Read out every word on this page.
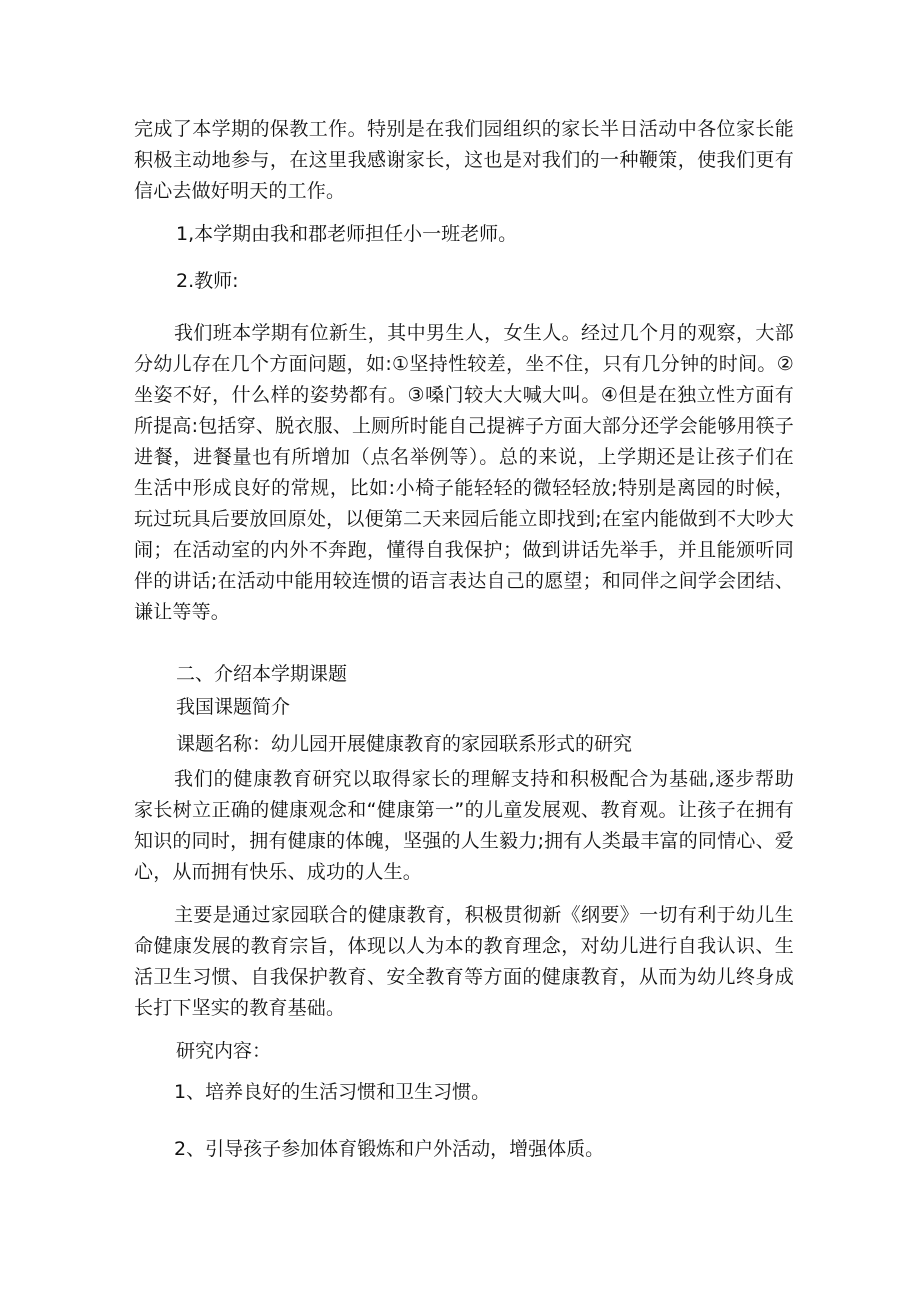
完成了本学期的保教工作。特别是在我们园组织的家长半日活动中各位家长能积极主动地参与，在这里我感谢家长，这也是对我们的一种鞭策，使我们更有信心去做好明天的工作。

1,本学期由我和郡老师担任小一班老师。

2.教师:

我们班本学期有位新生，其中男生人，女生人。经过几个月的观察，大部分幼儿存在几个方面问题，如:①坚持性较差，坐不住，只有几分钟的时间。②坐姿不好，什么样的姿势都有。③嗓门较大大喊大叫。④但是在独立性方面有所提高:包括穿、脱衣服、上厕所时能自己提裤子方面大部分还学会能够用筷子进餐，进餐量也有所增加（点名举例等）。总的来说，上学期还是让孩子们在生活中形成良好的常规，比如:小椅子能轻轻的微轻轻放;特别是离园的时候，玩过玩具后要放回原处，以便第二天来园后能立即找到;在室内能做到不大吵大闹；在活动室的内外不奔跑，懂得自我保护；做到讲话先举手，并且能颁听同伴的讲话;在活动中能用较连惯的语言表达自己的愿望；和同伴之间学会团结、谦让等等。

二、介绍本学期课题

我国课题简介

课题名称：幼儿园开展健康教育的家园联系形式的研究

我们的健康教育研究以取得家长的理解支持和积极配合为基础,逐步帮助家长树立正确的健康观念和“健康第一”的儿童发展观、教育观。让孩子在拥有知识的同时，拥有健康的体魄，坚强的人生毅力;拥有人类最丰富的同情心、爱心，从而拥有快乐、成功的人生。

主要是通过家园联合的健康教育，积极贯彻新《纲要》一切有利于幼儿生命健康发展的教育宗旨，体现以人为本的教育理念，对幼儿进行自我认识、生活卫生习惯、自我保护教育、安全教育等方面的健康教育，从而为幼儿终身成长打下坚实的教育基础。

研究内容：

1、培养良好的生活习惯和卫生习惯。

2、引导孩子参加体育锻炼和户外活动，增强体质。
